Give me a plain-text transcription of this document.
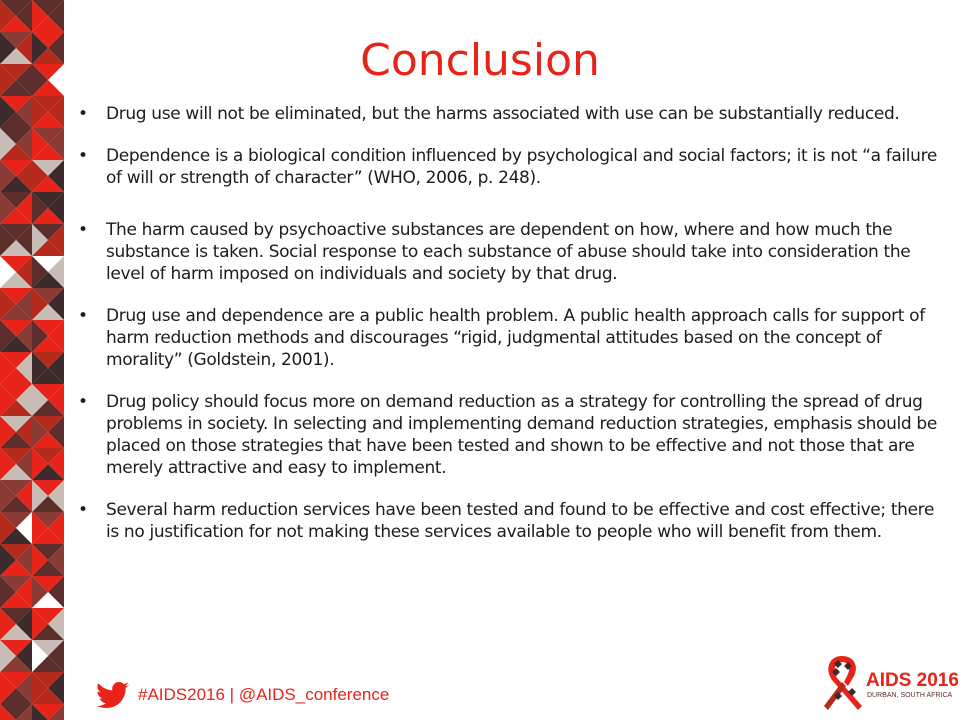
Conclusion
• Drug use will not be eliminated, but the harms associated with use can be substantially reduced.
• Dependence is a biological condition influenced by psychological and social factors; it is not “a failure of will or strength of character” (WHO, 2006, p. 248).
• The harm caused by psychoactive substances are dependent on how, where and how much the substance is taken. Social response to each substance of abuse should take into consideration the level of harm imposed on individuals and society by that drug.
• Drug use and dependence are a public health problem. A public health approach calls for support of harm reduction methods and discourages “rigid, judgmental attitudes based on the concept of morality” (Goldstein, 2001).
• Drug policy should focus more on demand reduction as a strategy for controlling the spread of drug problems in society. In selecting and implementing demand reduction strategies, emphasis should be placed on those strategies that have been tested and shown to be effective and not those that are merely attractive and easy to implement.
• Several harm reduction services have been tested and found to be effective and cost effective; there is no justification for not making these services available to people who will benefit from them.
#AIDS2016 | @AIDS_conference
AIDS 2016
DURBAN, SOUTH AFRICA
